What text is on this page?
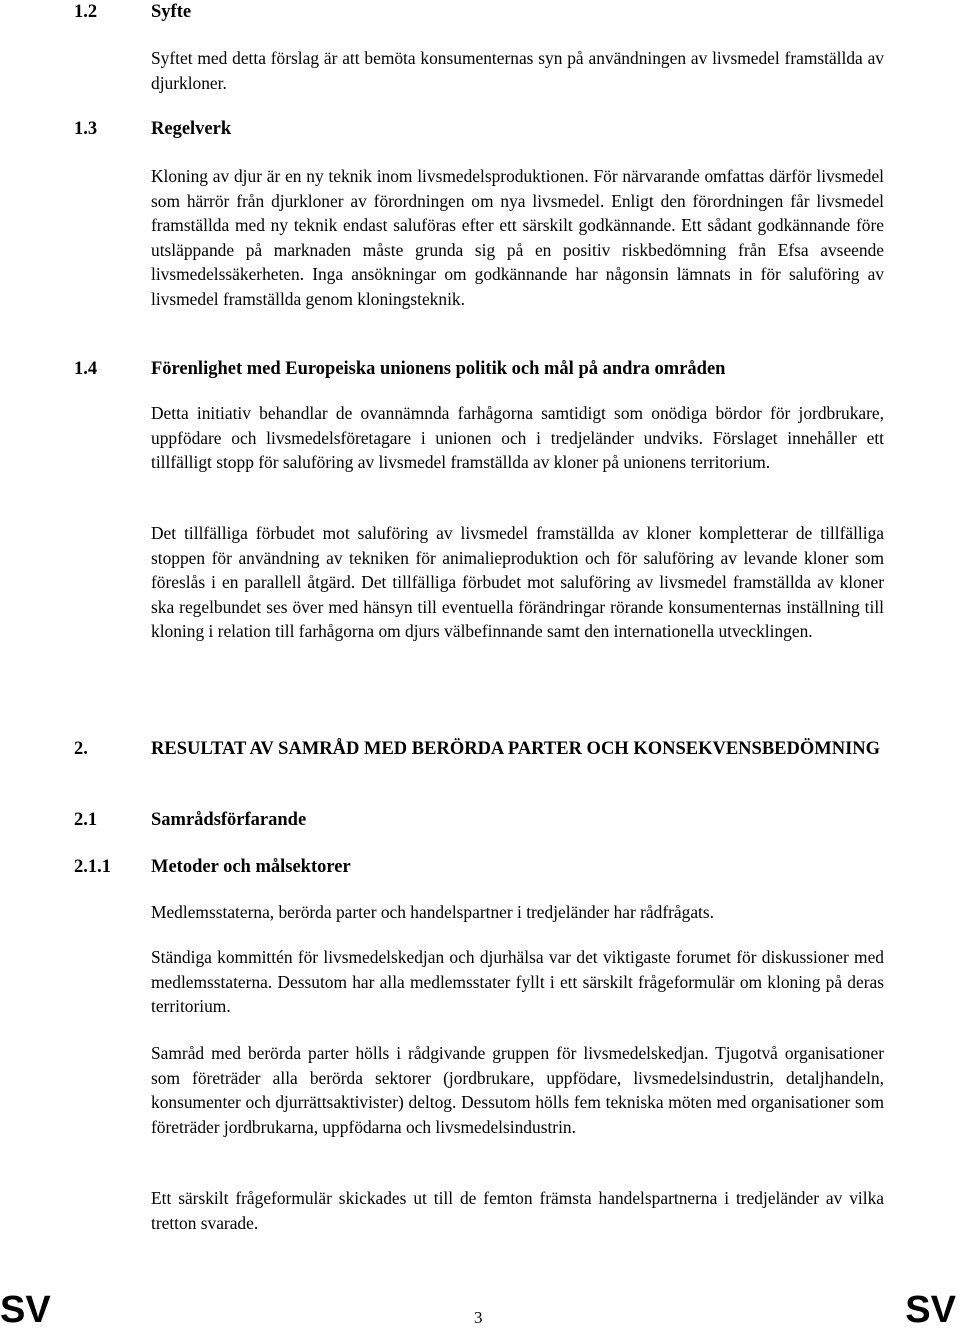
1.2	Syfte

Syftet med detta förslag är att bemöta konsumenternas syn på användningen av livsmedel framställda av djurkloner.

1.3	Regelverk

Kloning av djur är en ny teknik inom livsmedelsproduktionen. För närvarande omfattas därför livsmedel som härrör från djurkloner av förordningen om nya livsmedel. Enligt den förordningen får livsmedel framställda med ny teknik endast saluföras efter ett särskilt godkännande. Ett sådant godkännande före utsläppande på marknaden måste grunda sig på en positiv riskbedömning från Efsa avseende livsmedelssäkerheten. Inga ansökningar om godkännande har någonsin lämnats in för saluföring av livsmedel framställda genom kloningsteknik.

1.4	Förenlighet med Europeiska unionens politik och mål på andra områden

Detta initiativ behandlar de ovannämnda farhågorna samtidigt som onödiga bördor för jordbrukare, uppfödare och livsmedelsföretagare i unionen och i tredjeländer undviks. Förslaget innehåller ett tillfälligt stopp för saluföring av livsmedel framställda av kloner på unionens territorium.

Det tillfälliga förbudet mot saluföring av livsmedel framställda av kloner kompletterar de tillfälliga stoppen för användning av tekniken för animalieproduktion och för saluföring av levande kloner som föreslås i en parallell åtgärd. Det tillfälliga förbudet mot saluföring av livsmedel framställda av kloner ska regelbundet ses över med hänsyn till eventuella förändringar rörande konsumenternas inställning till kloning i relation till farhågorna om djurs välbefinnande samt den internationella utvecklingen.

2.	RESULTAT AV SAMRÅD MED BERÖRDA PARTER OCH KONSEKVENSBEDÖMNING
2.1	Samrådsförfarande
2.1.1 Metoder och målsektorer

Medlemsstaterna, berörda parter och handelspartner i tredjeländer har rådfrågats.

Ständiga kommittén för livsmedelskedjan och djurhälsa var det viktigaste forumet för diskussioner med medlemsstaterna. Dessutom har alla medlemsstater fyllt i ett särskilt frågeformulär om kloning på deras territorium.

Samråd med berörda parter hölls i rådgivande gruppen för livsmedelskedjan. Tjugotvå organisationer som företräder alla berörda sektorer (jordbrukare, uppfödare, livsmedelsindustrin, detaljhandeln, konsumenter och djurrättsaktivister) deltog. Dessutom hölls fem tekniska möten med organisationer som företräder jordbrukarna, uppfödarna och livsmedelsindustrin.

Ett särskilt frågeformulär skickades ut till de femton främsta handelspartnerna i tredjeländer av vilka tretton svarade.

SV	3	SV
